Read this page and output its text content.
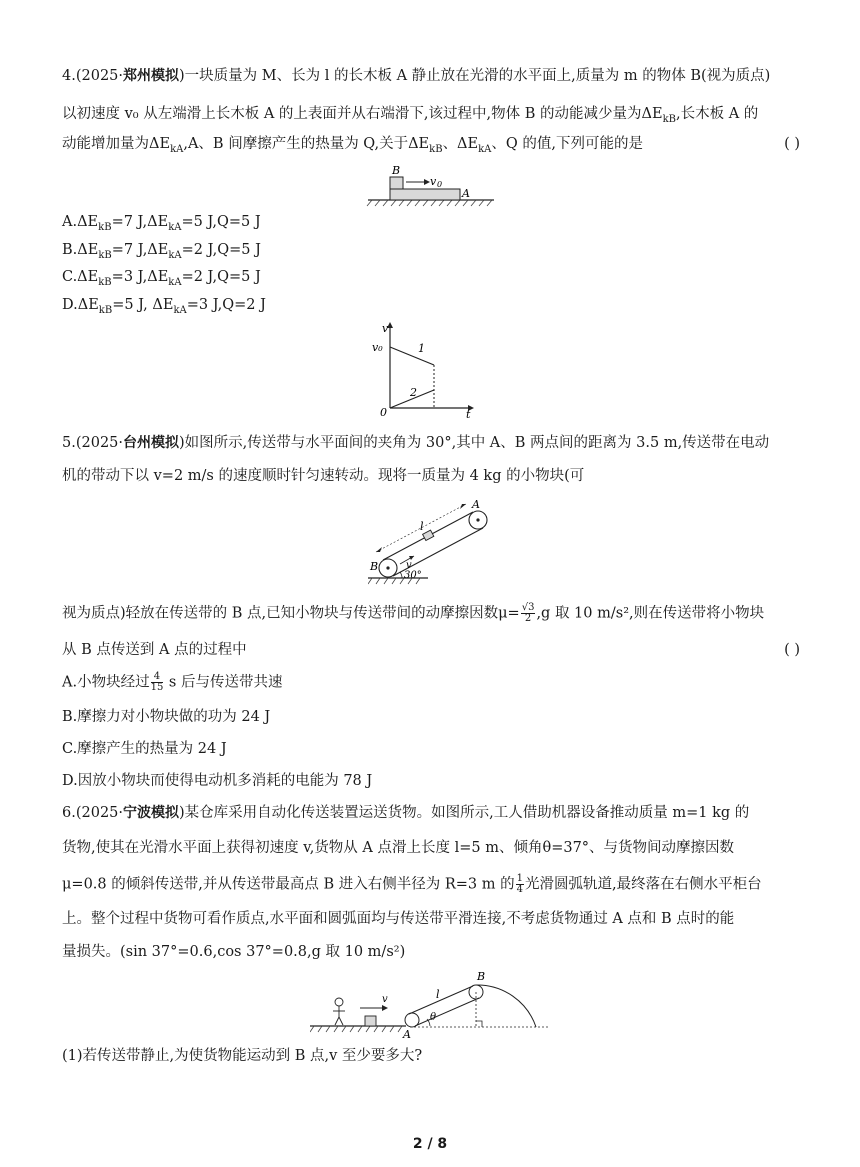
4.(2025·郑州模拟)一块质量为 M、长为 l 的长木板 A 静止放在光滑的水平面上,质量为 m 的物体 B(视为质点)
以初速度 v₀ 从左端滑上长木板 A 的上表面并从右端滑下,该过程中,物体 B 的动能减少量为$\Delta E_{kB}$,长木板 A 的
动能增加量为$\Delta E_{kA},A$、B 间摩擦产生的热量为 Q,关于$\Delta E_{kB}$、$\Delta E_{kA}$、Q 的值,下列可能的是	( )
B
v 0
A
$A.\Delta E_{kB}=7$ $J,\Delta E_{kA}=5$ J,Q=5 J
$B.\Delta E_{kB}=7$ $J,\Delta E_{kA}=2$ J,Q=5 J
$C.\Delta E_{kB}=3$ $J,\Delta E_{kA}=2$ J,Q=5 J
$D.\Delta E_{kB}=5$ J, $\Delta E_{kA}=3$ J,Q=2 J
v
t
0
v₀	1
2
5.(2025·台州模拟)如图所示,传送带与水平面间的夹角为 30°,其中 A、B 两点间的距离为 3.5 m,传送带在电动
机的带动下以 v=2 m/s 的速度顺时针匀速转动。现将一质量为 4 kg 的小物块(可
A
l
v
B
30°
视为质点)轻放在传送带的 B 点,已知小物块与传送带间的动摩擦因数$\mu= \frac{√3}{2} ,g$ 取 10 m/s²,则在传送带将小物块
从 B 点传送到 A 点的过程中	( )
A.小物块经过 $\frac{4}{15}$ s 后与传送带共速
B.摩擦力对小物块做的功为 24 J
C.摩擦产生的热量为 24 J
D.因放小物块而使得电动机多消耗的电能为 78 J
6.(2025·宁波模拟)某仓库采用自动化传送装置运送货物。如图所示,工人借助机器设备推动质量 m=1 kg 的
货物,使其在光滑水平面上获得初速度 v,货物从 A 点滑上长度 l=5 m、倾角θ=37°、与货物间动摩擦因数
μ=0.8 的倾斜传送带,并从传送带最高点 B 进入右侧半径为 R=3 m 的 $\frac{1}{4}$ 光滑圆弧轨道,最终落在右侧水平柜台
上。整个过程中货物可看作质点,水平面和圆弧面均与传送带平滑连接,不考虑货物通过 A 点和 B 点时的能
量损失。(sin 37°=0.6,cos 37°=0.8,g 取 10 m/s²)
B
v	l
θ
A
(1)若传送带静止,为使货物能运动到 B 点,v 至少要多大?
2 / 8
